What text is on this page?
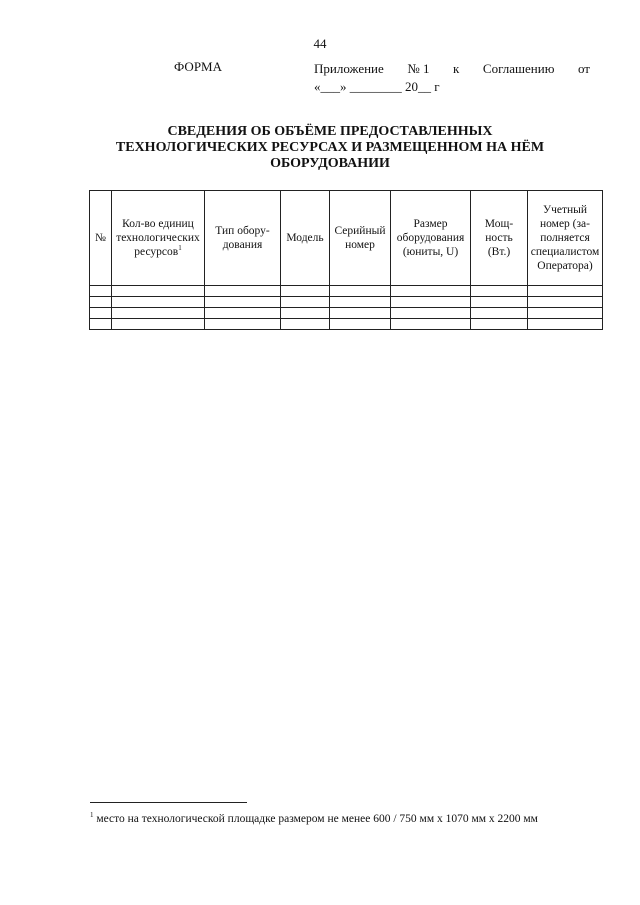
44
ФОРМА	Приложение № 1 к Соглашению от
«___» ________ 20__ г
СВЕДЕНИЯ ОБ ОБЪЁМЕ ПРЕДОСТАВЛЕННЫХ
ТЕХНОЛОГИЧЕСКИХ РЕСУРСАХ И РАЗМЕЩЕННОМ НА НЁМ
ОБОРУДОВАНИИ
№	Кол-во единиц технологических ресурсов$^1$	Тип оборудования	Модель	Серийный номер	Размер оборудования (юниты, U)	Мощность (Вт.)	Учетный номер (заполняется специалистом Оператора)

$^1$ место на технологической площадке размером не менее 600 / 750 мм х 1070 мм х 2200 мм
